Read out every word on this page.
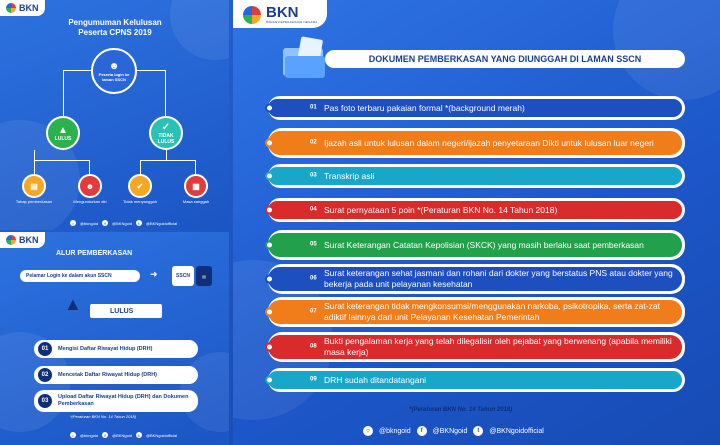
BKN
Pengumuman Kelulusan
Peserta CPNS 2019
☻
Peserta login ke laman SSCN
▲
LULUS
✓
TIDAK LULUS
▤	☻	✔	▦
Tahap pemberkasan	Mengundurkan diri	Tidak menyanggah	Masa sanggah
○	@bkngoid	f	@BKNgoid	t	@BKNgoidofficial
BKN
ALUR PEMBERKASAN
Pelamar Login ke dalam akun SSCN	➜	SSCN	▤
▲	LULUS
01	Mengisi Daftar Riwayat Hidup (DRH)
02	Mencetak Daftar Riwayat Hidup (DRH)
03
Upload Daftar Riwayat Hidup (DRH) dan Dokumen Pemberkasan
*(Peraturan BKN No. 14 Tahun 2018)
○	@bkngoid	f	@BKNgoid	t	@BKNgoidofficial
BKN
BADAN KEPEGAWAIAN NEGARA
DOKUMEN PEMBERKASAN YANG DIUNGGAH DI LAMAN SSCN
01 Pas foto terbaru pakaian formal *(background merah)
02 Ijazah asli untuk lulusan dalam negeri/ijazah penyetaraan Dikti untuk lulusan luar negeri
03 Transkrip asli
04 Surat pernyataan 5 poin *(Peraturan BKN No. 14 Tahun 2018)
05 Surat Keterangan Catatan Kepolisian (SKCK) yang masih berlaku saat pemberkasan
06
Surat keterangan sehat jasmani dan rohani dari dokter yang berstatus PNS atau dokter yang bekerja pada unit pelayanan kesehatan
07
Surat keterangan tidak mengkonsumsi/menggunakan narkoba, psikotropika, serta zat-zat adiktif lainnya dari unit Pelayanan Kesehatan Pemerintah
08
Bukti pengalaman kerja yang telah dilegalisir oleh pejabat yang berwenang (apabila memiliki masa kerja)
09 DRH sudah ditandatangani
*(Peraturan BKN No. 14 Tahun 2018)
○	@bkngoid	f	@BKNgoid	t	@BKNgoidofficial
